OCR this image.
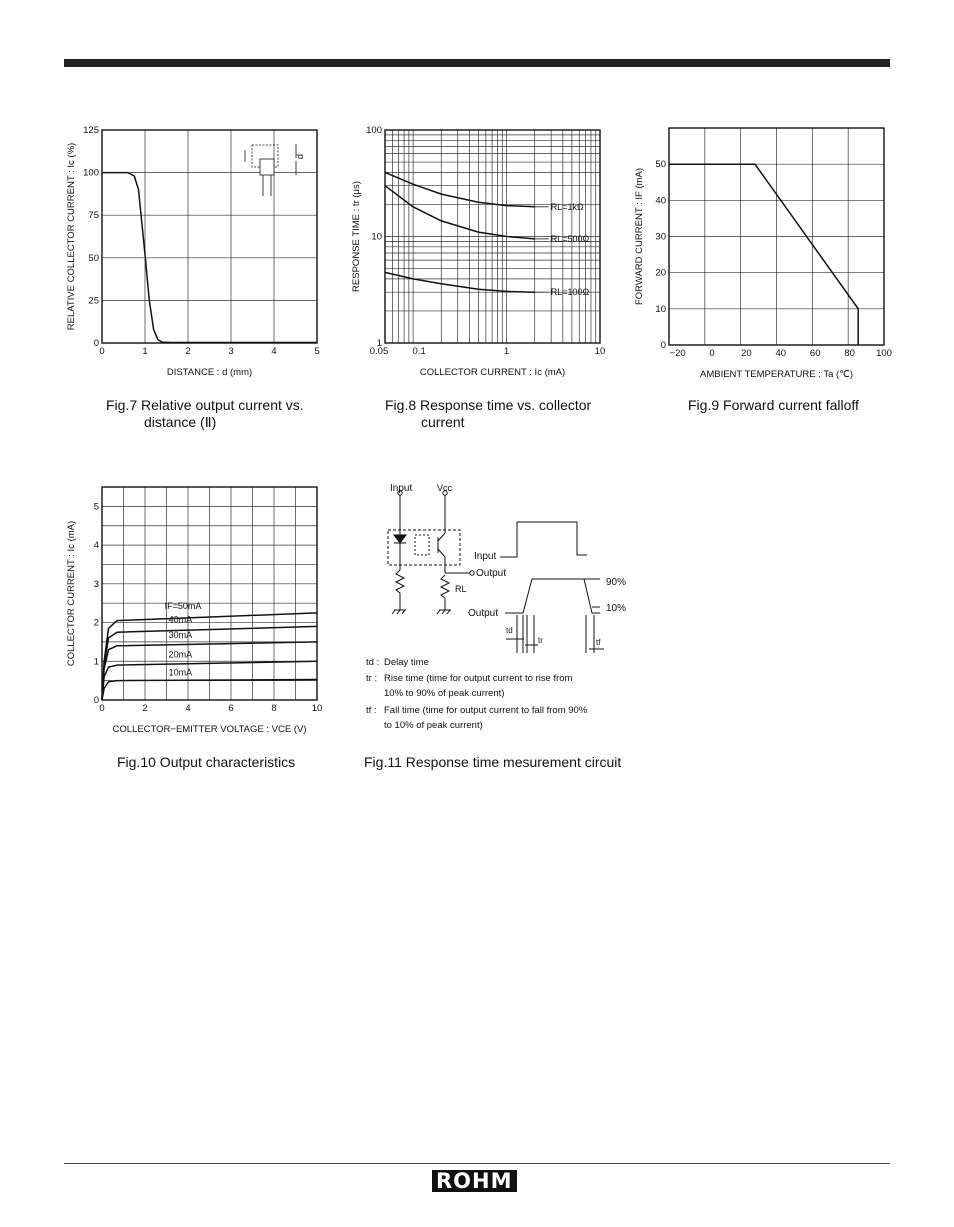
0	1	2	3	4	5
0
25
50
75
100
125
DISTANCE : d (mm)
RELATIVE COLLECTOR CURRENT : Ic (%)	d
Fig.7 Relative output current vs.
distance (Ⅱ)
0.05	0.1	1	10
1
10
100
COLLECTOR CURRENT : Ic (mA)
RESPONSE TIME : tr (μs)	RL=1kΩ
RL=500Ω
RL=100Ω
Fig.8 Response time vs. collector
current
−20 0	20	40	60	80 100
0
10
20
30
40
50
AMBIENT TEMPERATURE : Ta (℃)
FORWARD CURRENT : IF (mA)
Fig.9 Forward current falloff
0	2	4	6	8	10
0
1
2
3
4
5
COLLECTOR−EMITTER VOLTAGE : VCE (V)
COLLECTOR CURRENT : Ic (mA)	IF=50mA
40mA
30mA
20mA
10mA
Fig.10 Output characteristics
Input	Vcc
Output
RL
Input
Output
90%
10%
td
tr	tf
td : Delay time
tr : Rise time (time for output current to rise from
10% to 90% of peak current)
tf : Fall time (time for output current to fall from 90%
to 10% of peak current)
Fig.11 Response time mesurement circuit
ROHM
